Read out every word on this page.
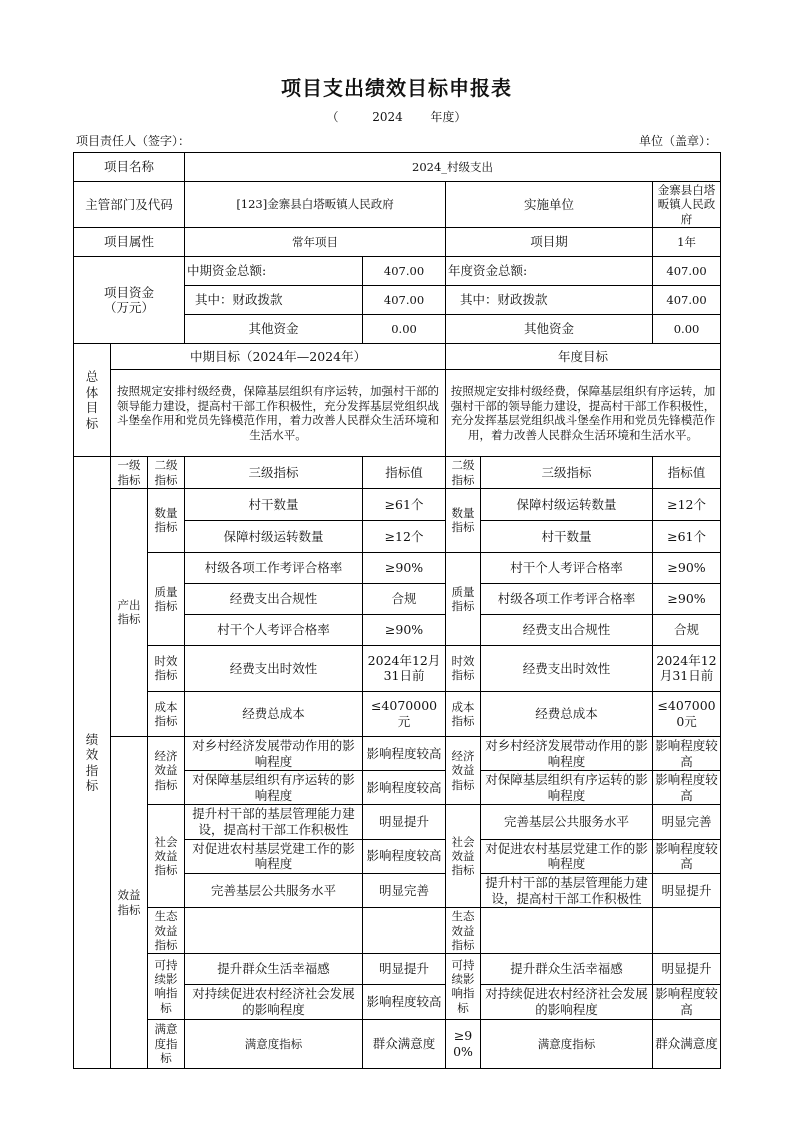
项目支出绩效目标申报表
（	2024 年度）
项目责任人（签字）：	单位（盖章）：
项目名称			2024_村级支出					
主管部门及代码			[123]金寨县白塔畈镇人民政府		实施单位		金寨县白塔畈镇人民政府	
项目属性			常年项目		项目期		1年	
项目资金（万元）			中期资金总额:	407.00	年度资金总额:		407.00	
			其中：财政拨款	407.00	其中：财政拨款		407.00	
			其他资金	0.00	其他资金		0.00	
总体目标	中期目标（2024年—2024年）				年度目标			
	按照规定安排村级经费，保障基层组织有序运转，加强村干部的领导能力建设，提高村干部工作积极性，充分发挥基层党组织战斗堡垒作用和党员先锋模范作用，着力改善人民群众生活环境和生活水平。				按照规定安排村级经费，保障基层组织有序运转，加强村干部的领导能力建设，提高村干部工作积极性，充分发挥基层党组织战斗堡垒作用和党员先锋模范作用，着力改善人民群众生活环境和生活水平。			
绩效指标	一级指标	二级指标	三级指标	指标值	二级指标	三级指标	指标值	
	产出指标	数量指标	村干数量	≥61个	数量指标	保障村级运转数量	≥12个	
			保障村级运转数量	≥12个		村干数量	≥61个	
		质量指标	村级各项工作考评合格率	≥90%	质量指标	村干个人考评合格率	≥90%	
			经费支出合规性	合规		村级各项工作考评合格率	≥90%	
			村干个人考评合格率	≥90%		经费支出合规性	合规	
		时效指标	经费支出时效性	2024年12月31日前	时效指标	经费支出时效性	2024年12月31日前	
		成本指标	经费总成本	≤4070000元	成本指标	经费总成本	≤4070000元	
	效益指标	经济效益指标	对乡村经济发展带动作用的影响程度	影响程度较高	经济效益指标	对乡村经济发展带动作用的影响程度	影响程度较高	
			对保障基层组织有序运转的影响程度	影响程度较高		对保障基层组织有序运转的影响程度	影响程度较高	
		社会效益指标	提升村干部的基层管理能力建设，提高村干部工作积极性	明显提升	社会效益指标	完善基层公共服务水平	明显完善	
			对促进农村基层党建工作的影响程度	影响程度较高		对促进农村基层党建工作的影响程度	影响程度较高	
			完善基层公共服务水平	明显完善		提升村干部的基层管理能力建设，提高村干部工作积极性	明显提升	
		生态效益指标			生态效益指标			
		可持续影响指标	提升群众生活幸福感	明显提升	可持续影响指标	提升群众生活幸福感	明显提升	
			对持续促进农村经济社会发展的影响程度	影响程度较高		对持续促进农村经济社会发展的影响程度	影响程度较高	
		满意度指标	满意度指标	群众满意度	≥90%	满意度指标	群众满意度	
